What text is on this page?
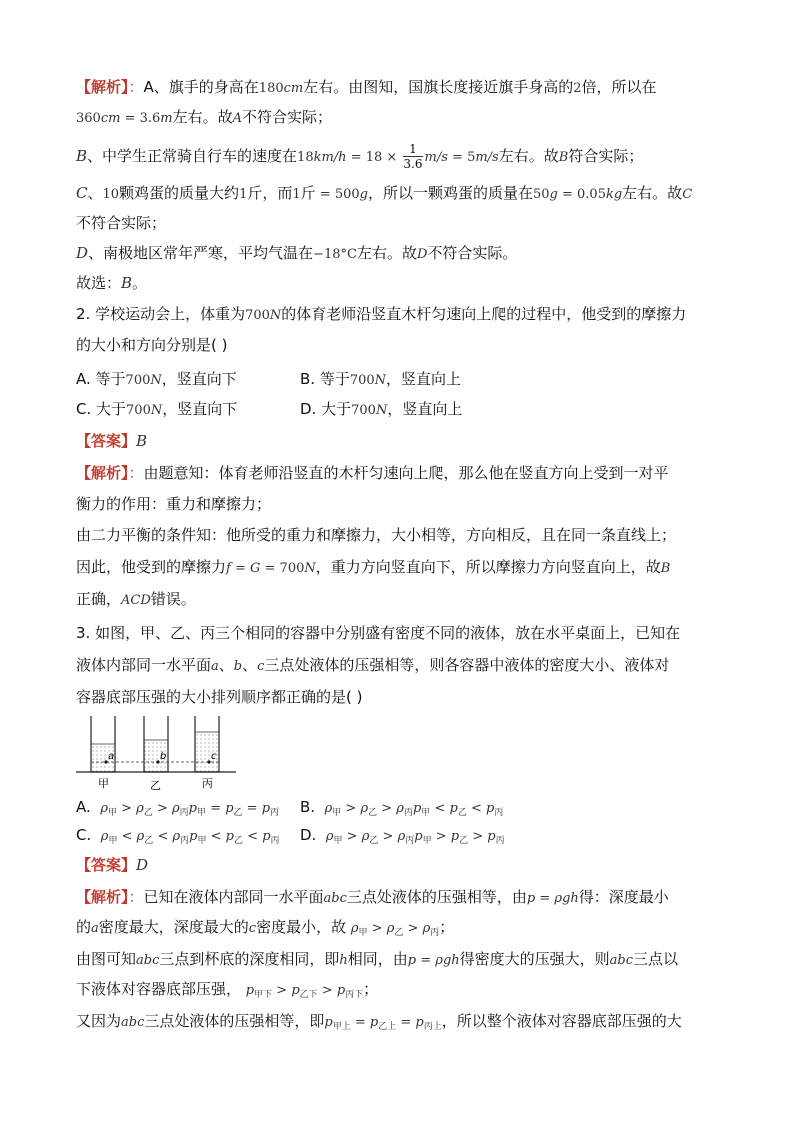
【解析】：A、旗手的身高在180cm左右。由图知，国旗长度接近旗手身高的2倍，所以在
360cm = 3.6m左右。故A不符合实际；
B、中学生正常骑自行车的速度在$18km/h = 18 \times \frac{1}{3.6} m/s = 5m/s$左右。故B符合实际；
C、10颗鸡蛋的质量大约1斤，而1斤 = 500g，所以一颗鸡蛋的质量在50g = 0.05kg左右。故C
不符合实际；
D、南极地区常年严寒，平均气温在−18°C左右。故D不符合实际。
故选：B。
2. 学校运动会上，体重为700N的体育老师沿竖直木杆匀速向上爬的过程中，他受到的摩擦力
的大小和方向分别是( )
A. 等于700N，竖直向下	B. 等于700N，竖直向上
C. 大于700N，竖直向下	D. 大于700N，竖直向上
【答案】B
【解析】：由题意知：体育老师沿竖直的木杆匀速向上爬，那么他在竖直方向上受到一对平
衡力的作用：重力和摩擦力；
由二力平衡的条件知：他所受的重力和摩擦力，大小相等，方向相反，且在同一条直线上；
因此，他受到的摩擦力f = G = 700N，重力方向竖直向下，所以摩擦力方向竖直向上，故B
正确，ACD错误。
3. 如图，甲、乙、丙三个相同的容器中分别盛有密度不同的液体，放在水平桌面上，已知在
液体内部同一水平面a、b、c三点处液体的压强相等，则各容器中液体的密度大小、液体对
容器底部压强的大小排列顺序都正确的是( )
a	b	c
甲	乙	丙
A. $\rho_甲 > \rho_乙 > \rho_丙p_甲 = p_乙 = p_丙$ B. $\rho_甲 > \rho_乙 > \rho_丙p_甲 < p_乙 < p_丙$
C. $\rho_甲 < \rho_乙 < \rho_丙p_甲 < p_乙 < p_丙$ D. $\rho_甲 > \rho_乙 > \rho_丙p_甲 > p_乙 > p_丙$
【答案】D
【解析】：已知在液体内部同一水平面abc三点处液体的压强相等，由p = ρgh得：深度最小
的a密度最大，深度最大的c密度最小，故 $\rho_甲 > \rho_乙 > \rho_丙$；
由图可知abc三点到杯底的深度相同，即h相同，由p = ρgh得密度大的压强大，则abc三点以
下液体对容器底部压强， $p_{甲下} > p_{乙下} > p_{丙下}$；
又因为abc三点处液体的压强相等，即$p_{甲上} = p_{乙上} = p_{丙上}$，所以整个液体对容器底部压强的大
